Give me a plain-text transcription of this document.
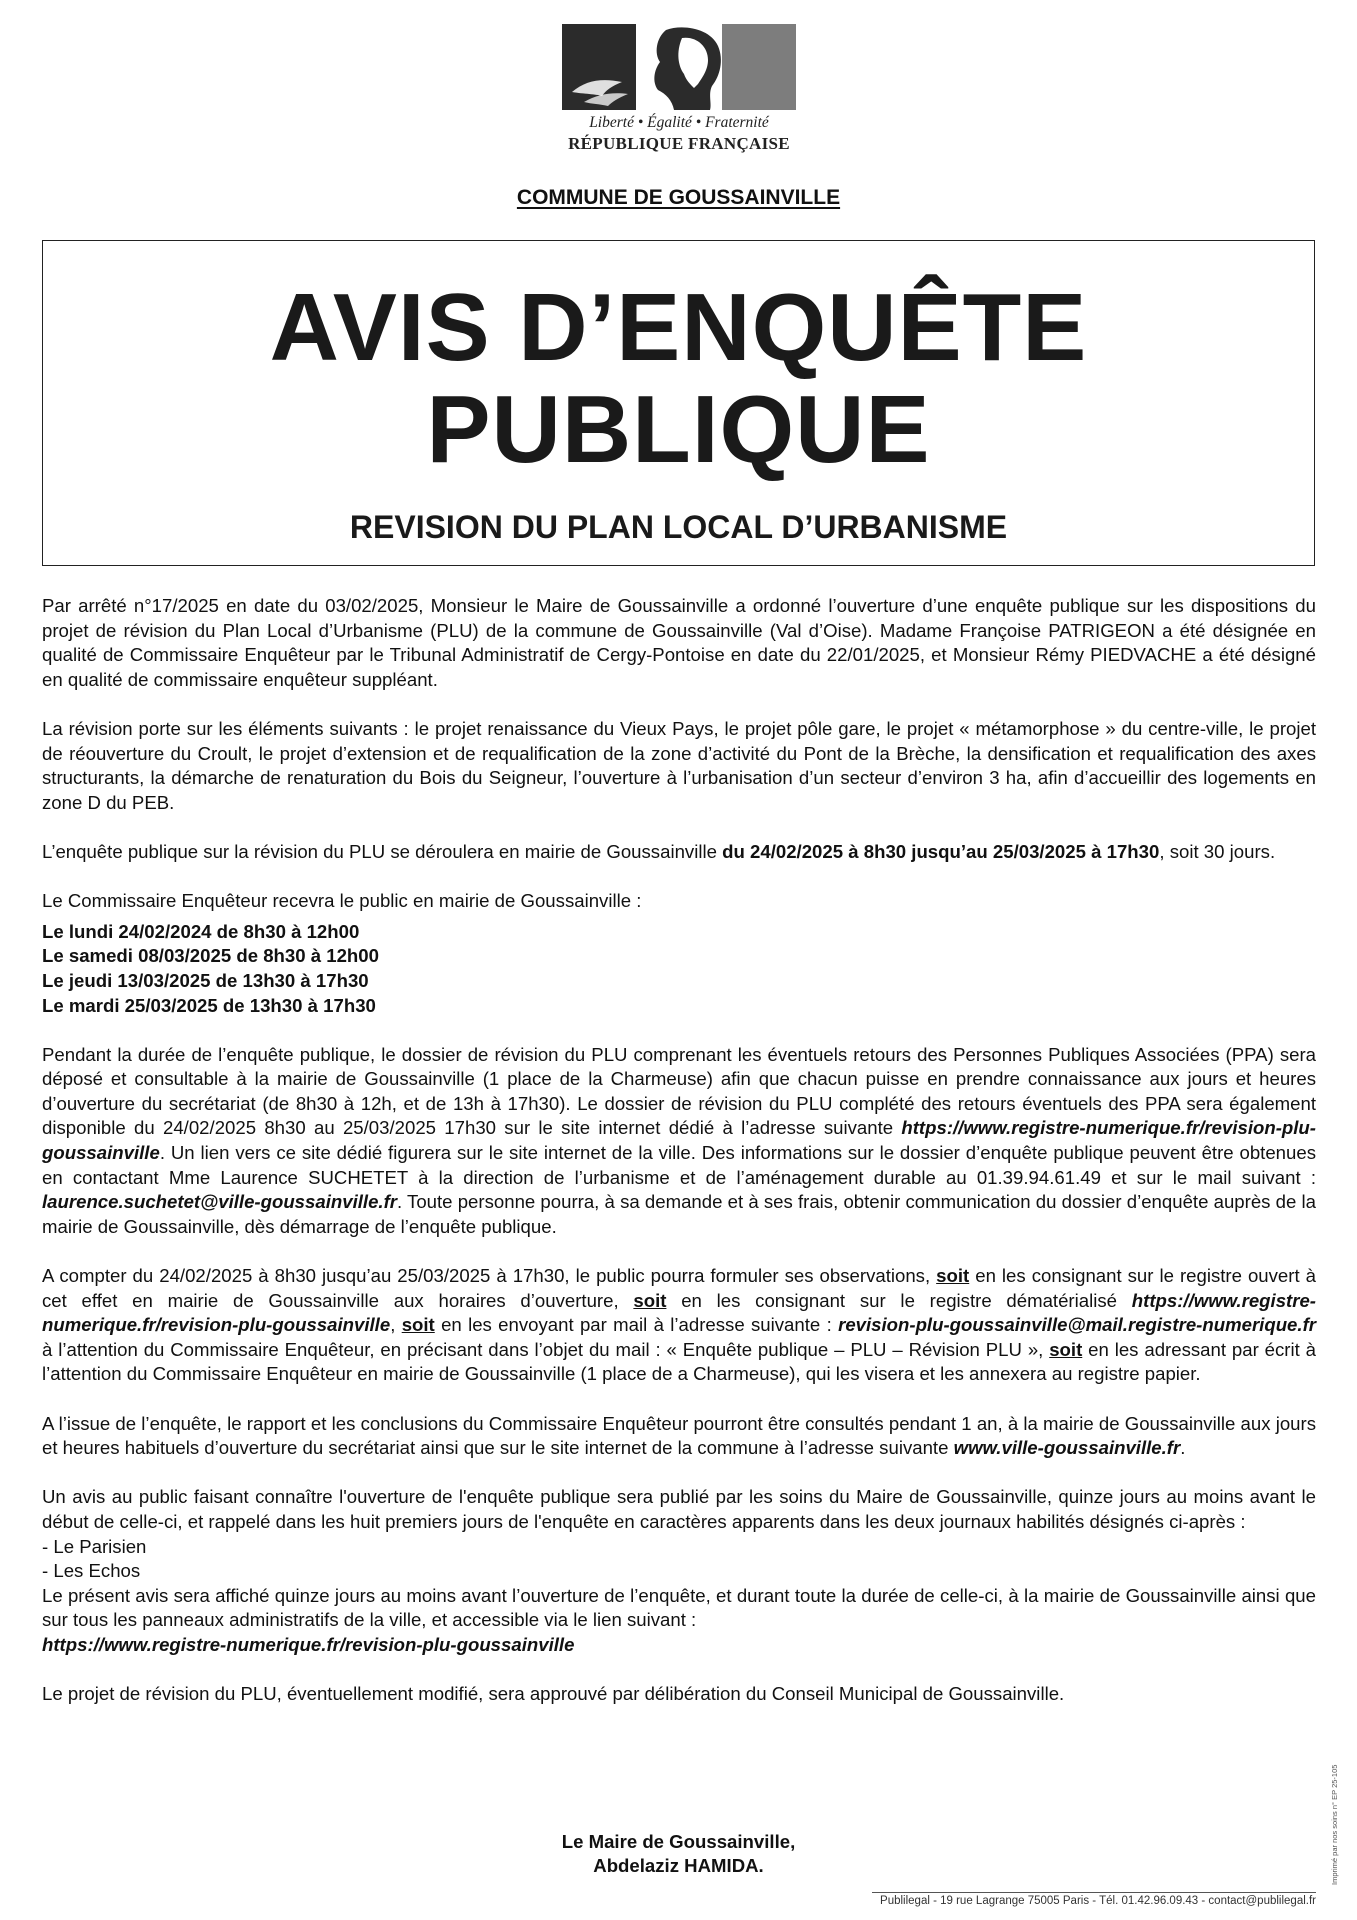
Liberté • Égalité • Fraternité
RÉPUBLIQUE FRANÇAISE
COMMUNE DE GOUSSAINVILLE
AVIS D’ENQUÊTE
PUBLIQUE
REVISION DU PLAN LOCAL D’URBANISME

Par arrêté n°17/2025 en date du 03/02/2025, Monsieur le Maire de Goussainville a ordonné l’ouverture d’une enquête publique sur les dispositions du projet de révision du Plan Local d’Urbanisme (PLU) de la commune de Goussainville (Val d’Oise). Madame Françoise PATRIGEON a été désignée en qualité de Commissaire Enquêteur par le Tribunal Administratif de Cergy-Pontoise en date du 22/01/2025, et Monsieur Rémy PIEDVACHE a été désigné en qualité de commissaire enquêteur suppléant.

La révision porte sur les éléments suivants : le projet renaissance du Vieux Pays, le projet pôle gare, le projet « métamorphose » du centre-ville, le projet de réouverture du Croult, le projet d’extension et de requalification de la zone d’activité du Pont de la Brèche, la densification et requalification des axes structurants, la démarche de renaturation du Bois du Seigneur, l’ouverture à l’urbanisation d’un secteur d’environ 3 ha, afin d’accueillir des logements en zone D du PEB.

L’enquête publique sur la révision du PLU se déroulera en mairie de Goussainville du 24/02/2025 à 8h30 jusqu’au 25/03/2025 à 17h30, soit 30 jours.

Le Commissaire Enquêteur recevra le public en mairie de Goussainville :

Le lundi 24/02/2024 de 8h30 à 12h00
Le samedi 08/03/2025 de 8h30 à 12h00
Le jeudi 13/03/2025 de 13h30 à 17h30
Le mardi 25/03/2025 de 13h30 à 17h30

Pendant la durée de l’enquête publique, le dossier de révision du PLU comprenant les éventuels retours des Personnes Publiques Associées (PPA) sera déposé et consultable à la mairie de Goussainville (1 place de la Charmeuse) afin que chacun puisse en prendre connaissance aux jours et heures d’ouverture du secrétariat (de 8h30 à 12h, et de 13h à 17h30). Le dossier de révision du PLU complété des retours éventuels des PPA sera également disponible du 24/02/2025 8h30 au 25/03/2025 17h30 sur le site internet dédié à l’adresse suivante https://www.registre-numerique.fr/revision-plu-goussainville. Un lien vers ce site dédié figurera sur le site internet de la ville. Des informations sur le dossier d’enquête publique peuvent être obtenues en contactant Mme Laurence SUCHETET à la direction de l’urbanisme et de l’aménagement durable au 01.39.94.61.49 et sur le mail suivant : laurence.suchetet@ville-goussainville.fr. Toute personne pourra, à sa demande et à ses frais, obtenir communication du dossier d’enquête auprès de la mairie de Goussainville, dès démarrage de l’enquête publique.

A compter du 24/02/2025 à 8h30 jusqu’au 25/03/2025 à 17h30, le public pourra formuler ses observations, soit en les consignant sur le registre ouvert à cet effet en mairie de Goussainville aux horaires d’ouverture, soit en les consignant sur le registre dématérialisé https://www.registre-numerique.fr/revision-plu-goussainville, soit en les envoyant par mail à l’adresse suivante : revision-plu-goussainville@mail.registre-numerique.fr à l’attention du Commissaire Enquêteur, en précisant dans l’objet du mail : « Enquête publique – PLU – Révision PLU », soit en les adressant par écrit à l’attention du Commissaire Enquêteur en mairie de Goussainville (1 place de a Charmeuse), qui les visera et les annexera au registre papier.

A l’issue de l’enquête, le rapport et les conclusions du Commissaire Enquêteur pourront être consultés pendant 1 an, à la mairie de Goussainville aux jours et heures habituels d’ouverture du secrétariat ainsi que sur le site internet de la commune à l’adresse suivante www.ville-goussainville.fr.

Un avis au public faisant connaître l'ouverture de l'enquête publique sera publié par les soins du Maire de Goussainville, quinze jours au moins avant le début de celle-ci, et rappelé dans les huit premiers jours de l'enquête en caractères apparents dans les deux journaux habilités désignés ci-après :

- Le Parisien
- Les Echos

Le présent avis sera affiché quinze jours au moins avant l’ouverture de l’enquête, et durant toute la durée de celle-ci, à la mairie de Goussainville ainsi que sur tous les panneaux administratifs de la ville, et accessible via le lien suivant :

https://www.registre-numerique.fr/revision-plu-goussainville

Le projet de révision du PLU, éventuellement modifié, sera approuvé par délibération du Conseil Municipal de Goussainville.

Le Maire de Goussainville,
Abdelaziz HAMIDA.	Imprimé par nos soins n° EP 25-105
Publilegal - 19 rue Lagrange 75005 Paris - Tél. 01.42.96.09.43 - contact@publilegal.fr
